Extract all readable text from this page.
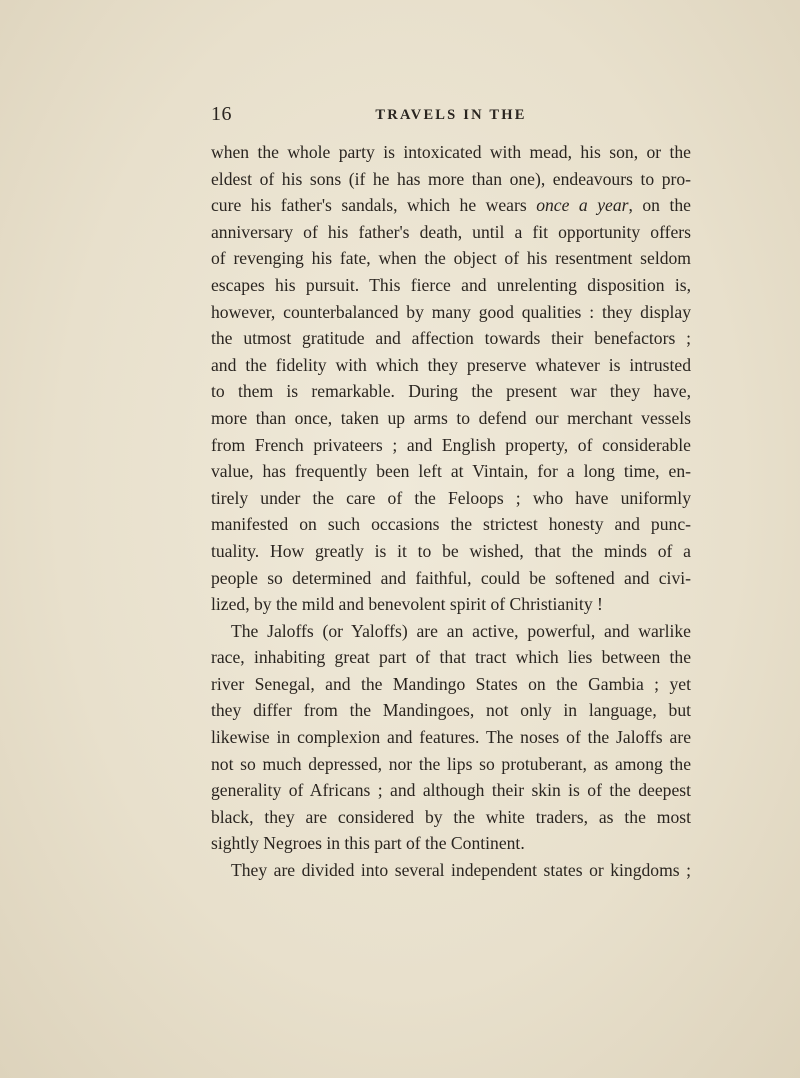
16	TRAVELS IN THE
when the whole party is intoxicated with mead, his son, or the
eldest of his sons (if he has more than one), endeavours to pro-
cure his father's sandals, which he wears once a year, on the
anniversary of his father's death, until a fit opportunity offers
of revenging his fate, when the object of his resentment seldom
escapes his pursuit. This fierce and unrelenting disposition is,
however, counterbalanced by many good qualities : they display
the utmost gratitude and affection towards their benefactors ;
and the fidelity with which they preserve whatever is intrusted
to them is remarkable. During the present war they have,
more than once, taken up arms to defend our merchant vessels
from French privateers ; and English property, of considerable
value, has frequently been left at Vintain, for a long time, en-
tirely under the care of the Feloops ; who have uniformly
manifested on such occasions the strictest honesty and punc-
tuality. How greatly is it to be wished, that the minds of a
people so determined and faithful, could be softened and civi-
lized, by the mild and benevolent spirit of Christianity !
The Jaloffs (or Yaloffs) are an active, powerful, and warlike
race, inhabiting great part of that tract which lies between the
river Senegal, and the Mandingo States on the Gambia ; yet
they differ from the Mandingoes, not only in language, but
likewise in complexion and features. The noses of the Jaloffs are
not so much depressed, nor the lips so protuberant, as among the
generality of Africans ; and although their skin is of the deepest
black, they are considered by the white traders, as the most
sightly Negroes in this part of the Continent.
They are divided into several independent states or kingdoms ;
